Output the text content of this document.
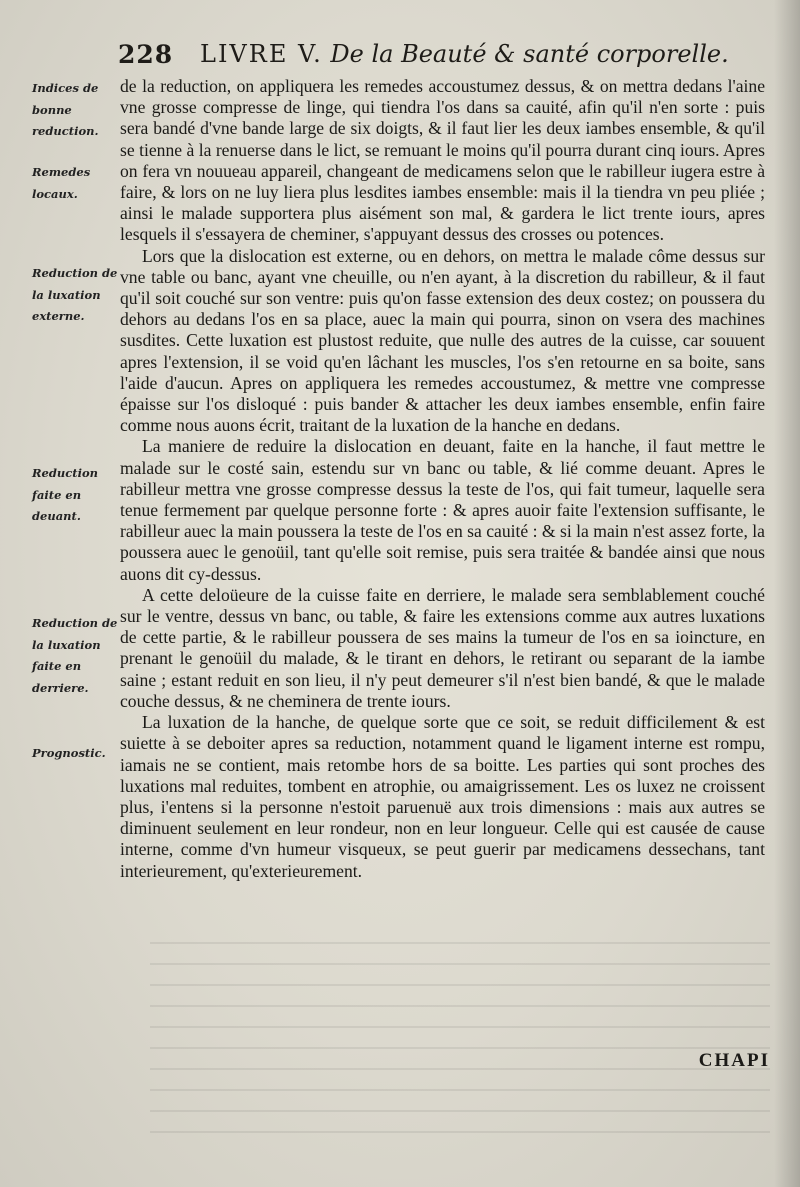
228 LIVRE V. De la Beauté & santé corporelle.
Indices de bonne reduction.
Remedes locaux.
Reduction de la luxation externe.
Reduction faite en deuant.
Reduction de la luxation faite en derriere.
Prognostic.

de la reduction, on appliquera les remedes accoustumez dessus, & on mettra dedans l'aine vne grosse compresse de linge, qui tiendra l'os dans sa cauité, afin qu'il n'en sorte : puis sera bandé d'vne bande large de six doigts, & il faut lier les deux iambes ensemble, & qu'il se tienne à la renuerse dans le lict, se remuant le moins qu'il pourra durant cinq iours. Apres on fera vn nouueau appareil, changeant de medicamens selon que le rabilleur iugera estre à faire, & lors on ne luy liera plus lesdites iambes ensemble: mais il la tiendra vn peu pliée ; ainsi le malade supportera plus aisément son mal, & gardera le lict trente iours, apres lesquels il s'essayera de cheminer, s'appuyant dessus des crosses ou potences.

Lors que la dislocation est externe, ou en dehors, on mettra le malade côme dessus sur vne table ou banc, ayant vne cheuille, ou n'en ayant, à la discretion du rabilleur, & il faut qu'il soit couché sur son ventre: puis qu'on fasse extension des deux costez; on poussera du dehors au dedans l'os en sa place, auec la main qui pourra, sinon on vsera des machines susdites. Cette luxation est plustost reduite, que nulle des autres de la cuisse, car souuent apres l'extension, il se void qu'en lâchant les muscles, l'os s'en retourne en sa boite, sans l'aide d'aucun. Apres on appliquera les remedes accoustumez, & mettre vne compresse épaisse sur l'os disloqué : puis bander & attacher les deux iambes ensemble, enfin faire comme nous auons écrit, traitant de la luxation de la hanche en dedans.

La maniere de reduire la dislocation en deuant, faite en la hanche, il faut mettre le malade sur le costé sain, estendu sur vn banc ou table, & lié comme deuant. Apres le rabilleur mettra vne grosse compresse dessus la teste de l'os, qui fait tumeur, laquelle sera tenue fermement par quelque personne forte : & apres auoir faite l'extension suffisante, le rabilleur auec la main poussera la teste de l'os en sa cauité : & si la main n'est assez forte, la poussera auec le genoüil, tant qu'elle soit remise, puis sera traitée & bandée ainsi que nous auons dit cy-dessus.

A cette deloüeure de la cuisse faite en derriere, le malade sera semblablement couché sur le ventre, dessus vn banc, ou table, & faire les extensions comme aux autres luxations de cette partie, & le rabilleur poussera de ses mains la tumeur de l'os en sa ioincture, en prenant le genoüil du malade, & le tirant en dehors, le retirant ou separant de la iambe saine ; estant reduit en son lieu, il n'y peut demeurer s'il n'est bien bandé, & que le malade couche dessus, & ne cheminera de trente iours.

La luxation de la hanche, de quelque sorte que ce soit, se reduit difficilement & est suiette à se deboiter apres sa reduction, notamment quand le ligament interne est rompu, iamais ne se contient, mais retombe hors de sa boitte. Les parties qui sont proches des luxations mal reduites, tombent en atrophie, ou amaigrissement. Les os luxez ne croissent plus, i'entens si la personne n'estoit paruenuë aux trois dimensions : mais aux autres se diminuent seulement en leur rondeur, non en leur longueur. Celle qui est causée de cause interne, comme d'vn humeur visqueux, se peut guerir par medicamens dessechans, tant interieurement, qu'exterieurement.

CHAPI
